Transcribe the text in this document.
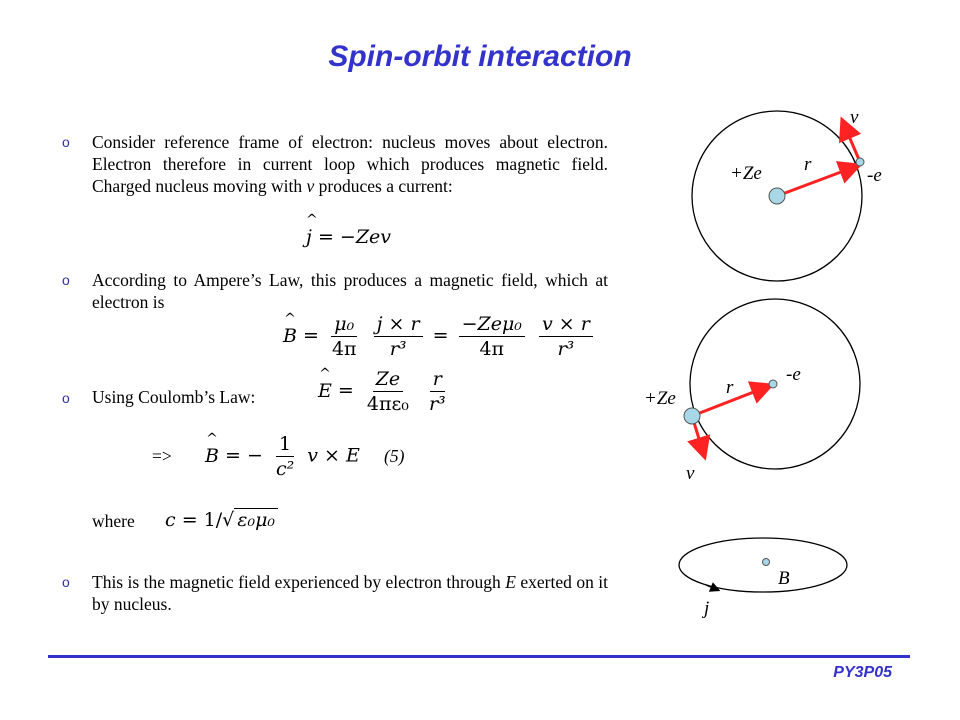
Spin-orbit interaction
o Consider reference frame of electron: nucleus moves about electron. Electron therefore in current loop which produces magnetic field. Charged nucleus moving with v produces a current:
^ j = −Zev
o According to Ampere’s Law, this produces a magnetic field, which at electron is
^ $B = \frac{\text{μ₀}}{4\pi}$
$\frac{j \times r}{\text{r³}} = \frac{\text{−Zeμ₀}}{4\pi}$
$\frac{v \times r}{\text{r³}}$
o Using Coulomb’s Law:	^ $E = \frac{Ze}{\text{4πε₀}}$
$\frac{r}{\text{r³}}$
=> ^ B = − $\frac{1}{\text{c²}}$ v × E (5)
where c = 1/√ ε₀μ₀
o This is the magnetic field experienced by electron through E exerted on it by nucleus.
+Ze	-e
r
v
+Ze
-e
r
v
B
j
PY3P05
